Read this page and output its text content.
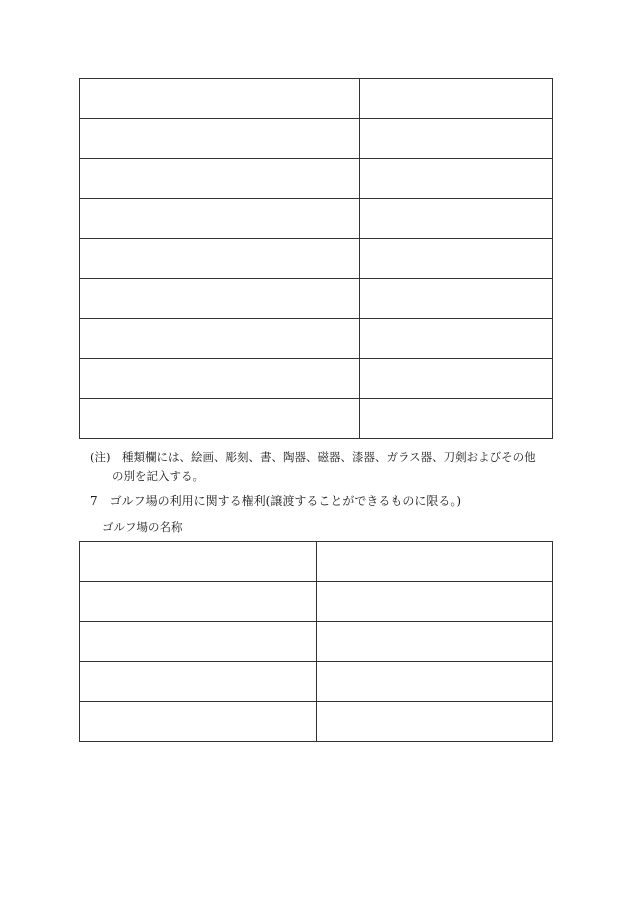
(注)　種類欄には、絵画、彫刻、書、陶器、磁器、漆器、ガラス器、刀剣およびその他
の別を記入する。
7　ゴルフ場の利用に関する権利(譲渡することができるものに限る。)
ゴルフ場の名称
